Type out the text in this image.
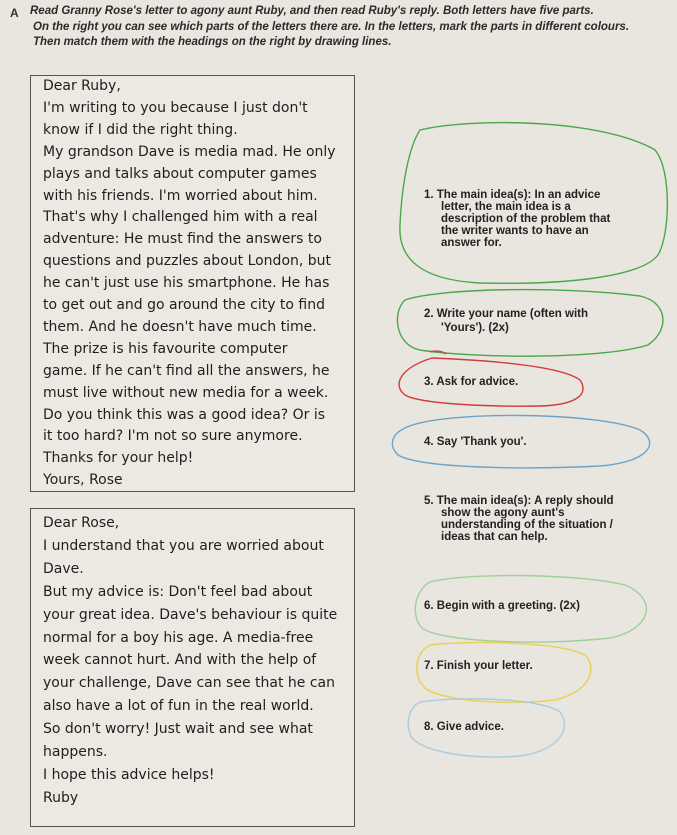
A Read Granny Rose's letter to agony aunt Ruby, and then read Ruby's reply. Both letters have five parts.
On the right you can see which parts of the letters there are. In the letters, mark the parts in different colours.
Then match them with the headings on the right by drawing lines.
Dear Ruby,
I'm writing to you because I just don't
know if I did the right thing.
My grandson Dave is media mad. He only
plays and talks about computer games
with his friends. I'm worried about him.
That's why I challenged him with a real
adventure: He must find the answers to
questions and puzzles about London, but
he can't just use his smartphone. He has
to get out and go around the city to find
them. And he doesn't have much time.
The prize is his favourite computer
game. If he can't find all the answers, he
must live without new media for a week.
Do you think this was a good idea? Or is
it too hard? I'm not so sure anymore.
Thanks for your help!
Yours, Rose
Dear Rose,
I understand that you are worried about
Dave.
But my advice is: Don't feel bad about
your great idea. Dave's behaviour is quite
normal for a boy his age. A media-free
week cannot hurt. And with the help of
your challenge, Dave can see that he can
also have a lot of fun in the real world.
So don't worry! Just wait and see what
happens.
I hope this advice helps!
Ruby
1. The main idea(s): In an advice
letter, the main idea is a
description of the problem that
the writer wants to have an
answer for.
2. Write your name (often with
'Yours'). (2x)
3. Ask for advice.
4. Say 'Thank you'.
5. The main idea(s): A reply should
show the agony aunt's
understanding of the situation /
ideas that can help.
6. Begin with a greeting. (2x)
7. Finish your letter.
8. Give advice.
